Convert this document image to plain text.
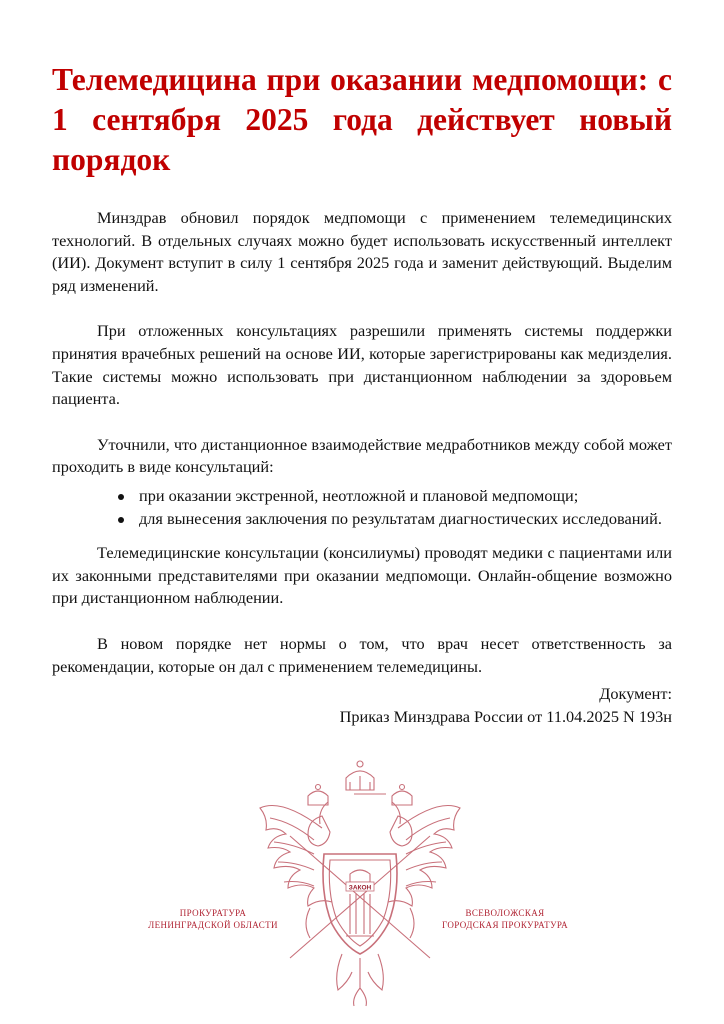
Телемедицина при оказании медпомощи: с 1 сентября 2025 года действует новый порядок

Минздрав обновил порядок медпомощи с применением телемедицинских технологий. В отдельных случаях можно будет использовать искусственный интеллект (ИИ). Документ вступит в силу 1 сентября 2025 года и заменит действующий. Выделим ряд изменений.

При отложенных консультациях разрешили применять системы поддержки принятия врачебных решений на основе ИИ, которые зарегистрированы как медизделия. Такие системы можно использовать при дистанционном наблюдении за здоровьем пациента.

Уточнили, что дистанционное взаимодействие медработников между собой может проходить в виде консультаций:

при оказании экстренной, неотложной и плановой медпомощи;
для вынесения заключения по результатам диагностических исследований.

Телемедицинские консультации (консилиумы) проводят медики с пациентами или их законными представителями при оказании медпомощи. Онлайн-общение возможно при дистанционном наблюдении.

В новом порядке нет нормы о том, что врач несет ответственность за рекомендации, которые он дал с применением телемедицины.

Документ:
Приказ Минздрава России от 11.04.2025 N 193н
ЗАКОН
ПРОКУРАТУРА
ЛЕНИНГРАДСКОЙ ОБЛАСТИ
ВСЕВОЛОЖСКАЯ
ГОРОДСКАЯ ПРОКУРАТУРА
